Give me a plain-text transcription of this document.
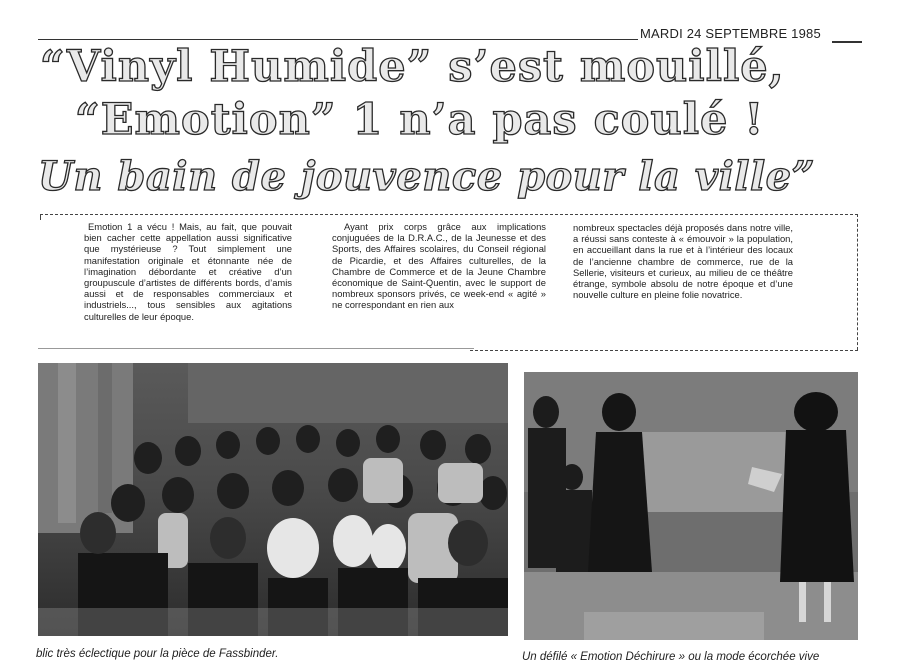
MARDI 24 SEPTEMBRE 1985
“Vinyl Humide” s’est mouillé,
“Emotion” 1 n’a pas coulé !
Un bain de jouvence pour la ville”
Emotion 1 a vécu ! Mais, au fait, que pouvait bien cacher cette appellation aussi significative que mystérieuse ? Tout simplement une manifestation originale et étonnante née de l’imagination débordante et créative d’un groupuscule d’artistes de différents bords, d’amis aussi et de responsables commerciaux et industriels..., tous sensibles aux agitations culturelles de leur époque.
Ayant prix corps grâce aux implications conjuguées de la D.R.A.C., de la Jeunesse et des Sports, des Affaires scolaires, du Conseil régional de Picardie, et des Affaires culturelles, de la Chambre de Commerce et de la Jeune Chambre économique de Saint-Quentin, avec le support de nombreux sponsors privés, ce week-end « agité » ne correspondant en rien aux
nombreux spectacles déjà proposés dans notre ville, a réussi sans conteste à « émouvoir » la population, en accueillant dans la rue et à l’intérieur des locaux de l’ancienne chambre de commerce, rue de la Sellerie, visiteurs et curieux, au milieu de ce théâtre étrange, symbole absolu de notre époque et d’une nouvelle culture en pleine folie novatrice.
blic très éclectique pour la pièce de Fassbinder.	Un défilé « Emotion Déchirure » ou la mode écorchée vive
